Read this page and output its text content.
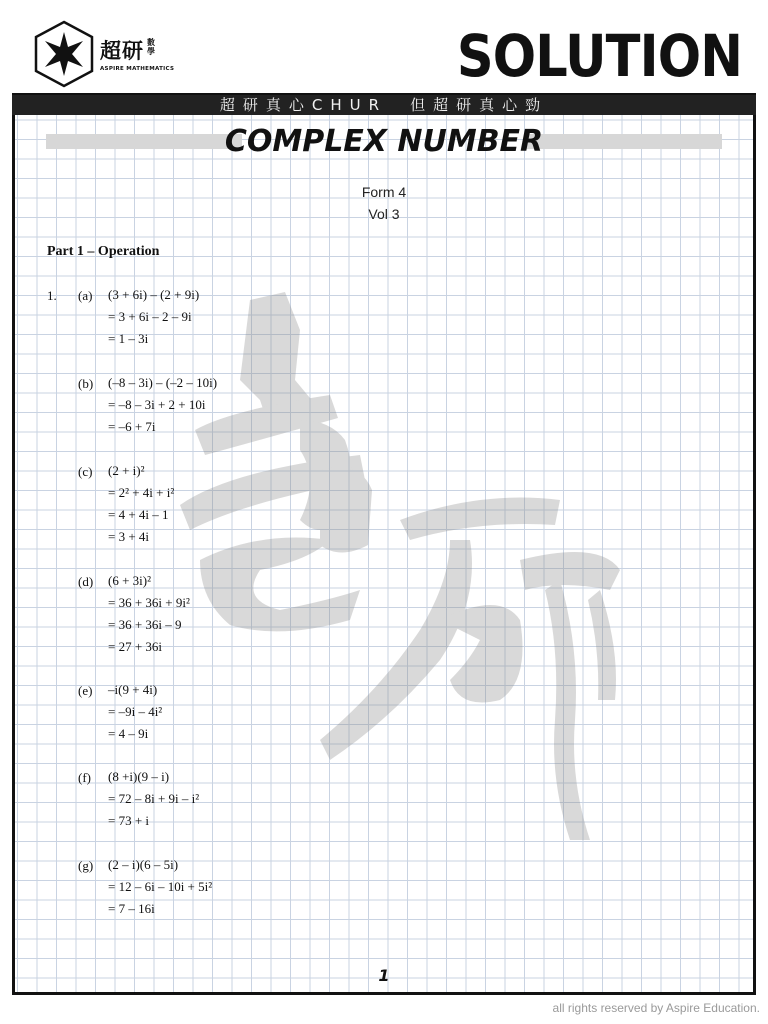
超研 數學
ASPIRE MATHEMATICS	SOLUTION
超研真心CHUR　但超研真心勁
COMPLEX NUMBER
Form 4
Vol 3
Part 1 – Operation
1. (a) (3 + 6i) – (2 + 9i)
= 3 + 6i – 2 – 9i
= 1 – 3i
(b) (–8 – 3i) – (–2 – 10i)
= –8 – 3i + 2 + 10i
= –6 + 7i
(c) (2 + i)²
= 2² + 4i + i²
= 4 + 4i – 1
= 3 + 4i
(d) (6 + 3i)²
= 36 + 36i + 9i²
= 36 + 36i – 9
= 27 + 36i
(e) –i(9 + 4i)
= –9i – 4i²
= 4 – 9i
(f) (8 +i)(9 – i)
= 72 – 8i + 9i – i²
= 73 + i
(g) (2 – i)(6 – 5i)
= 12 – 6i – 10i + 5i²
= 7 – 16i
1
all rights reserved by Aspire Education.
